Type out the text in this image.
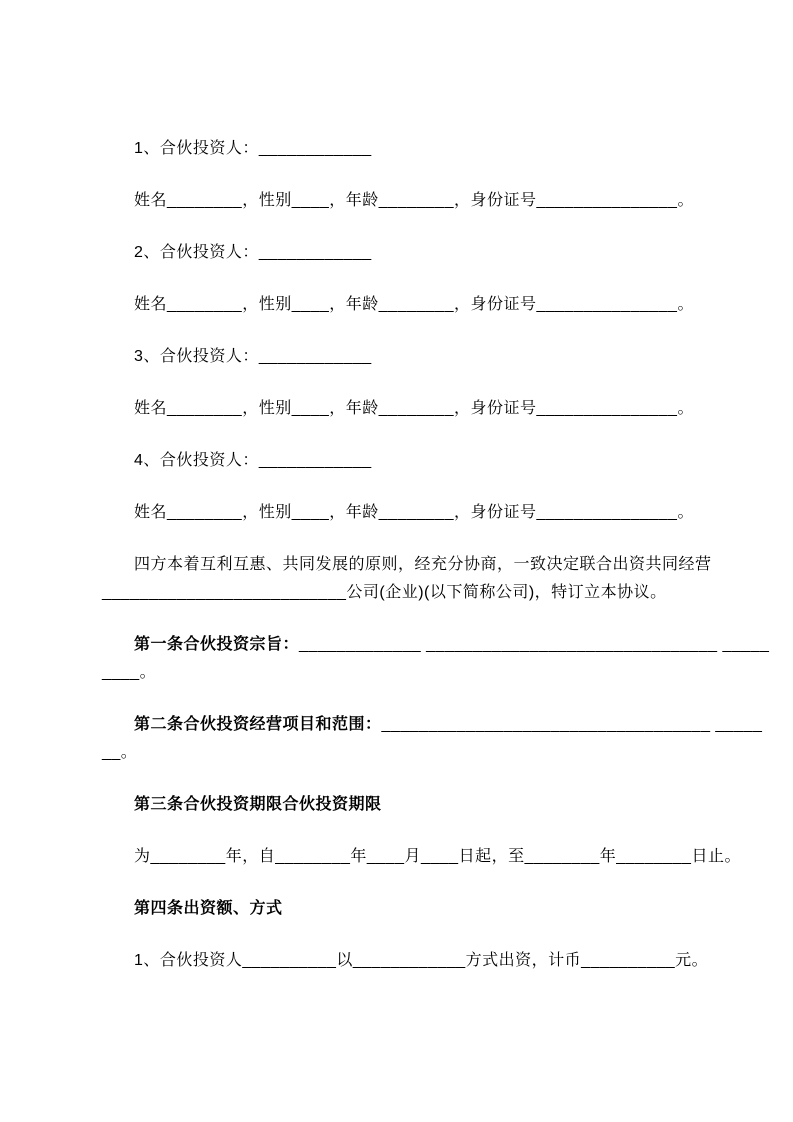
1、合伙投资人：____________
姓名________，性别____，年龄________，身份证号_______________。
2、合伙投资人：____________
姓名________，性别____，年龄________，身份证号_______________。
3、合伙投资人：____________
姓名________，性别____，年龄________，身份证号_______________。
4、合伙投资人：____________
姓名________，性别____，年龄________，身份证号_______________。
四方本着互利互惠、共同发展的原则，经充分协商，一致决定联合出资共同经营
__________________________公司(企业)(以下简称公司)，特订立本协议。
第一条合伙投资宗旨：_____________ _______________________________ _____
____。
第二条合伙投资经营项目和范围：___________________________________ _____
__。
第三条合伙投资期限合伙投资期限
为________年，自________年____月____日起，至________年________日止。
第四条出资额、方式
1、合伙投资人__________以____________方式出资，计币__________元。
